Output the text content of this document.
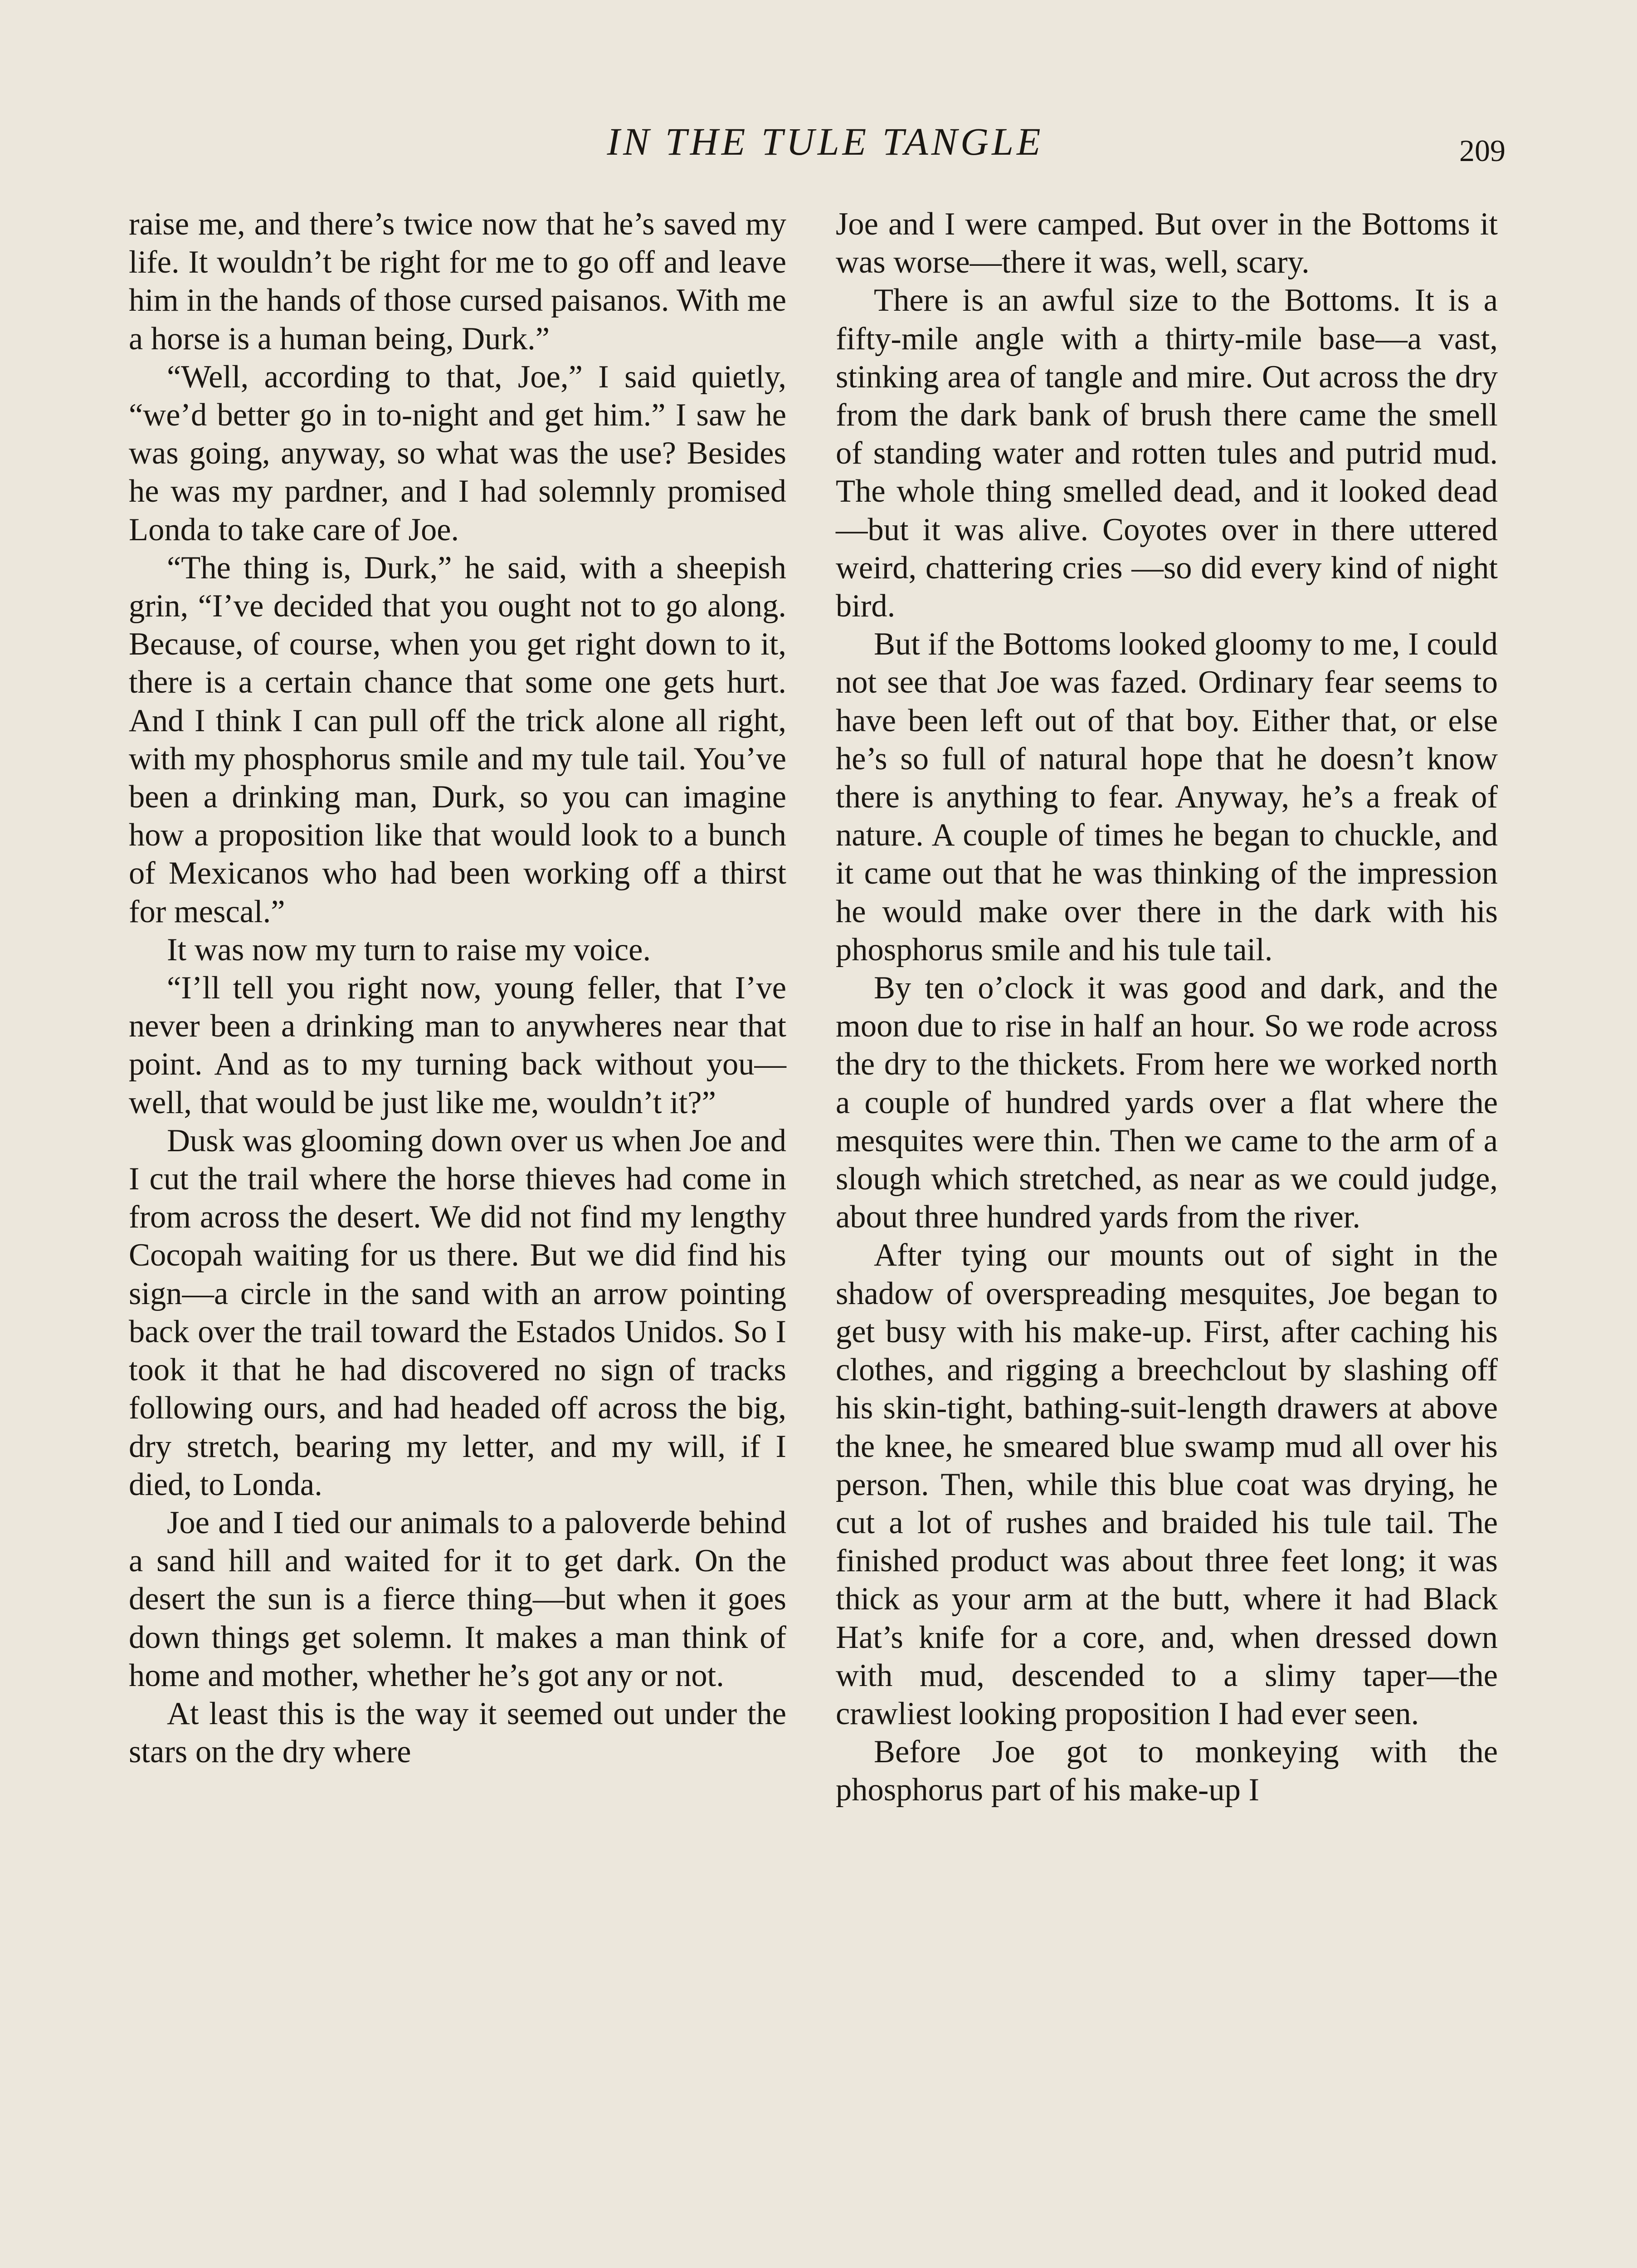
IN THE TULE TANGLE	209

raise me, and there’s twice now that he’s saved my life. It wouldn’t be right for me to go off and leave him in the hands of those cursed paisanos. With me a horse is a human being, Durk.”

“Well, according to that, Joe,” I said quietly, “we’d better go in to-night and get him.” I saw he was going, anyway, so what was the use? Besides he was my pardner, and I had solemnly promised Londa to take care of Joe.

“The thing is, Durk,” he said, with a sheepish grin, “I’ve decided that you ought not to go along. Because, of course, when you get right down to it, there is a certain chance that some one gets hurt. And I think I can pull off the trick alone all right, with my phosphorus smile and my tule tail. You’ve been a drinking man, Durk, so you can imagine how a proposition like that would look to a bunch of Mexicanos who had been working off a thirst for mescal.”

It was now my turn to raise my voice.

“I’ll tell you right now, young feller, that I’ve never been a drinking man to anywheres near that point. And as to my turning back without you—well, that would be just like me, wouldn’t it?”

Dusk was glooming down over us when Joe and I cut the trail where the horse thieves had come in from across the desert. We did not find my lengthy Cocopah waiting for us there. But we did find his sign—a circle in the sand with an arrow pointing back over the trail toward the Estados Unidos. So I took it that he had discovered no sign of tracks following ours, and had headed off across the big, dry stretch, bearing my letter, and my will, if I died, to Londa.

Joe and I tied our animals to a paloverde behind a sand hill and waited for it to get dark. On the desert the sun is a fierce thing—but when it goes down things get solemn. It makes a man think of home and mother, whether he’s got any or not.

At least this is the way it seemed out under the stars on the dry where

Joe and I were camped. But over in the Bottoms it was worse—there it was, well, scary.

There is an awful size to the Bottoms. It is a fifty-mile angle with a thirty-mile base—a vast, stinking area of tangle and mire. Out across the dry from the dark bank of brush there came the smell of standing water and rotten tules and putrid mud. The whole thing smelled dead, and it looked dead—but it was alive. Coyotes over in there uttered weird, chattering cries —so did every kind of night bird.

But if the Bottoms looked gloomy to me, I could not see that Joe was fazed. Ordinary fear seems to have been left out of that boy. Either that, or else he’s so full of natural hope that he doesn’t know there is anything to fear. Anyway, he’s a freak of nature. A couple of times he began to chuckle, and it came out that he was thinking of the impression he would make over there in the dark with his phosphorus smile and his tule tail.

By ten o’clock it was good and dark, and the moon due to rise in half an hour. So we rode across the dry to the thickets. From here we worked north a couple of hundred yards over a flat where the mesquites were thin. Then we came to the arm of a slough which stretched, as near as we could judge, about three hundred yards from the river.

After tying our mounts out of sight in the shadow of overspreading mesquites, Joe began to get busy with his make-up. First, after caching his clothes, and rigging a breechclout by slashing off his skin-tight, bathing-suit-length drawers at above the knee, he smeared blue swamp mud all over his person. Then, while this blue coat was drying, he cut a lot of rushes and braided his tule tail. The finished product was about three feet long; it was thick as your arm at the butt, where it had Black Hat’s knife for a core, and, when dressed down with mud, descended to a slimy taper—the crawliest looking proposition I had ever seen.

Before Joe got to monkeying with the phosphorus part of his make-up I
